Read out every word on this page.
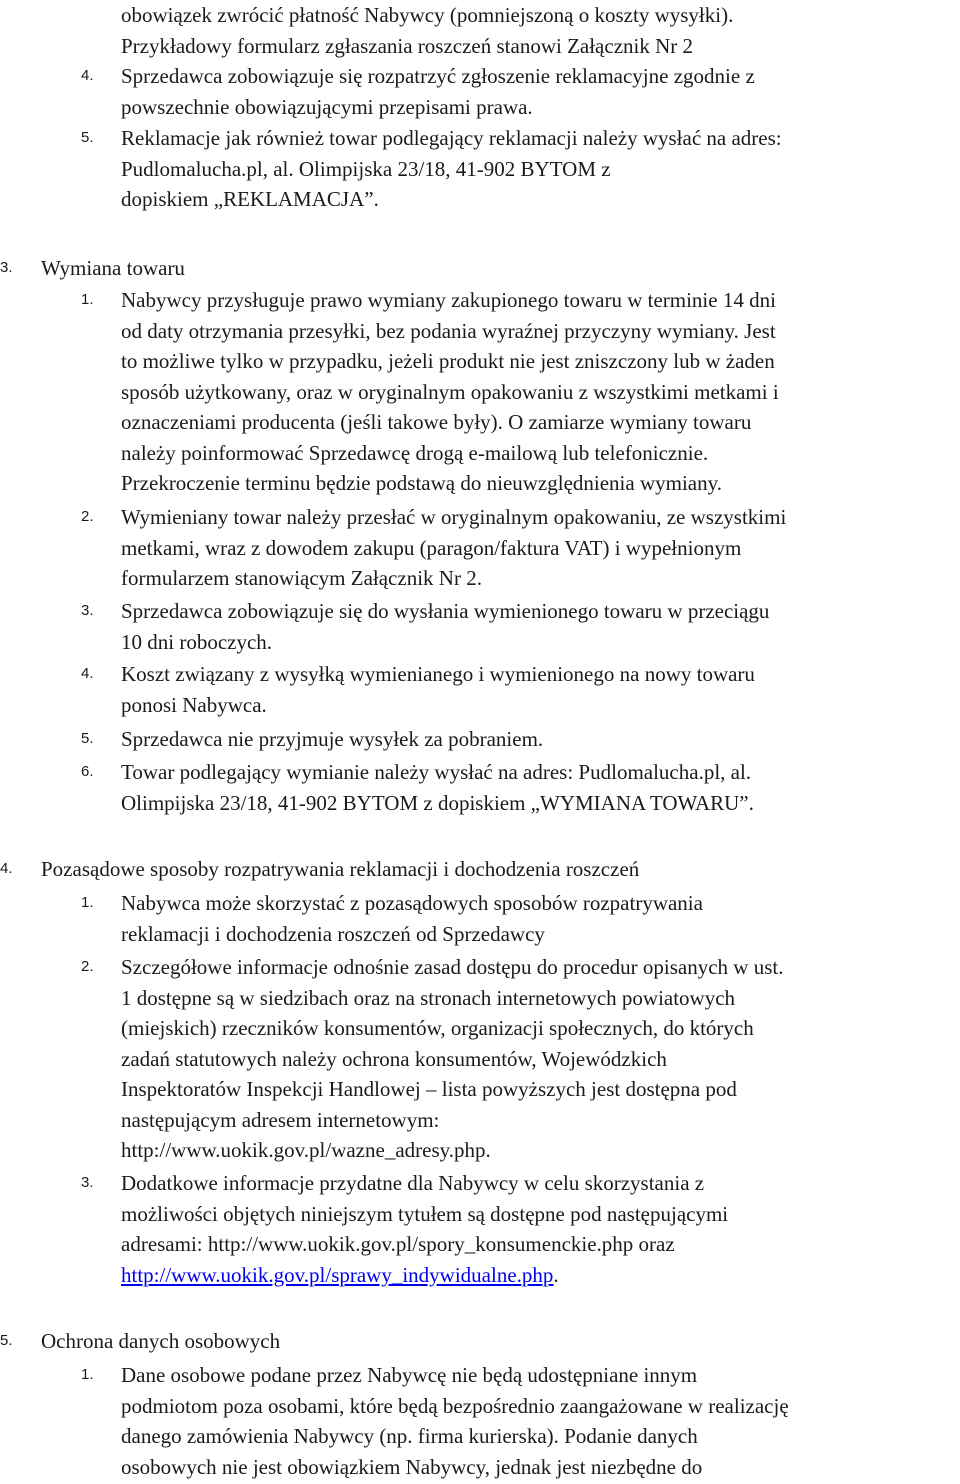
obowiązek zwrócić płatność Nabywcy (pomniejszoną o koszty wysyłki).
Przykładowy formularz zgłaszania roszczeń stanowi Załącznik Nr 2
4. Sprzedawca zobowiązuje się rozpatrzyć zgłoszenie reklamacyjne zgodnie z
powszechnie obowiązującymi przepisami prawa.
5. Reklamacje jak również towar podlegający reklamacji należy wysłać na adres:
Pudlomalucha.pl, al. Olimpijska 23/18, 41-902 BYTOM z
dopiskiem „REKLAMACJA”.
3. Wymiana towaru
1. Nabywcy przysługuje prawo wymiany zakupionego towaru w terminie 14 dni
od daty otrzymania przesyłki, bez podania wyraźnej przyczyny wymiany. Jest
to możliwe tylko w przypadku, jeżeli produkt nie jest zniszczony lub w żaden
sposób użytkowany, oraz w oryginalnym opakowaniu z wszystkimi metkami i
oznaczeniami producenta (jeśli takowe były). O zamiarze wymiany towaru
należy poinformować Sprzedawcę drogą e-mailową lub telefonicznie.
Przekroczenie terminu będzie podstawą do nieuwzględnienia wymiany.
2. Wymieniany towar należy przesłać w oryginalnym opakowaniu, ze wszystkimi
metkami, wraz z dowodem zakupu (paragon/faktura VAT) i wypełnionym
formularzem stanowiącym Załącznik Nr 2.
3. Sprzedawca zobowiązuje się do wysłania wymienionego towaru w przeciągu
10 dni roboczych.
4. Koszt związany z wysyłką wymienianego i wymienionego na nowy towaru
ponosi Nabywca.
5. Sprzedawca nie przyjmuje wysyłek za pobraniem.
6. Towar podlegający wymianie należy wysłać na adres: Pudlomalucha.pl, al.
Olimpijska 23/18, 41-902 BYTOM z dopiskiem „WYMIANA TOWARU”.
4. Pozasądowe sposoby rozpatrywania reklamacji i dochodzenia roszczeń
1. Nabywca może skorzystać z pozasądowych sposobów rozpatrywania
reklamacji i dochodzenia roszczeń od Sprzedawcy
2. Szczegółowe informacje odnośnie zasad dostępu do procedur opisanych w ust.
1 dostępne są w siedzibach oraz na stronach internetowych powiatowych
(miejskich) rzeczników konsumentów, organizacji społecznych, do których
zadań statutowych należy ochrona konsumentów, Wojewódzkich
Inspektoratów Inspekcji Handlowej – lista powyższych jest dostępna pod
następującym adresem internetowym:
http://www.uokik.gov.pl/wazne_adresy.php.
3. Dodatkowe informacje przydatne dla Nabywcy w celu skorzystania z
możliwości objętych niniejszym tytułem są dostępne pod następującymi
adresami: http://www.uokik.gov.pl/spory_konsumenckie.php oraz
http://www.uokik.gov.pl/sprawy_indywidualne.php.
5. Ochrona danych osobowych
1. Dane osobowe podane przez Nabywcę nie będą udostępniane innym
podmiotom poza osobami, które będą bezpośrednio zaangażowane w realizację
danego zamówienia Nabywcy (np. firma kurierska). Podanie danych
osobowych nie jest obowiązkiem Nabywcy, jednak jest niezbędne do
